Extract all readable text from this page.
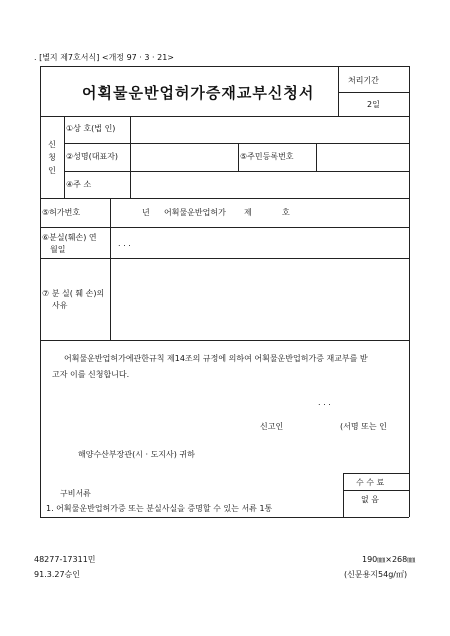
. [별지 제7호서식] <개정 97 · 3 · 21>
어획물운반업허가증재교부신청서
처리기간
2일
신
청
인
①상 호(법 인)
②성명(대표자)	⑤주민등록번호
④주 소
⑤허가번호	년 어획물운반업허가 제	호
⑥분실(훼손) 연
월일
. . .
⑦ 분 실( 훼 손)의
사유
어획물운반업허가에관한규칙 제14조의 규정에 의하여 어획물운반업허가증 재교부를 받
고자 이를 신청합니다.
. . .
신고인	(서명 또는 인
해양수산부장관(시 · 도지사) 귀하
구비서류
1. 어획물운반업허가증 또는 분실사실을 증명할 수 있는 서류 1통
수 수 료
없 음
48277-17311민
91.3.27승인
190㎜×268㎜
(신문용지54g/㎡)
